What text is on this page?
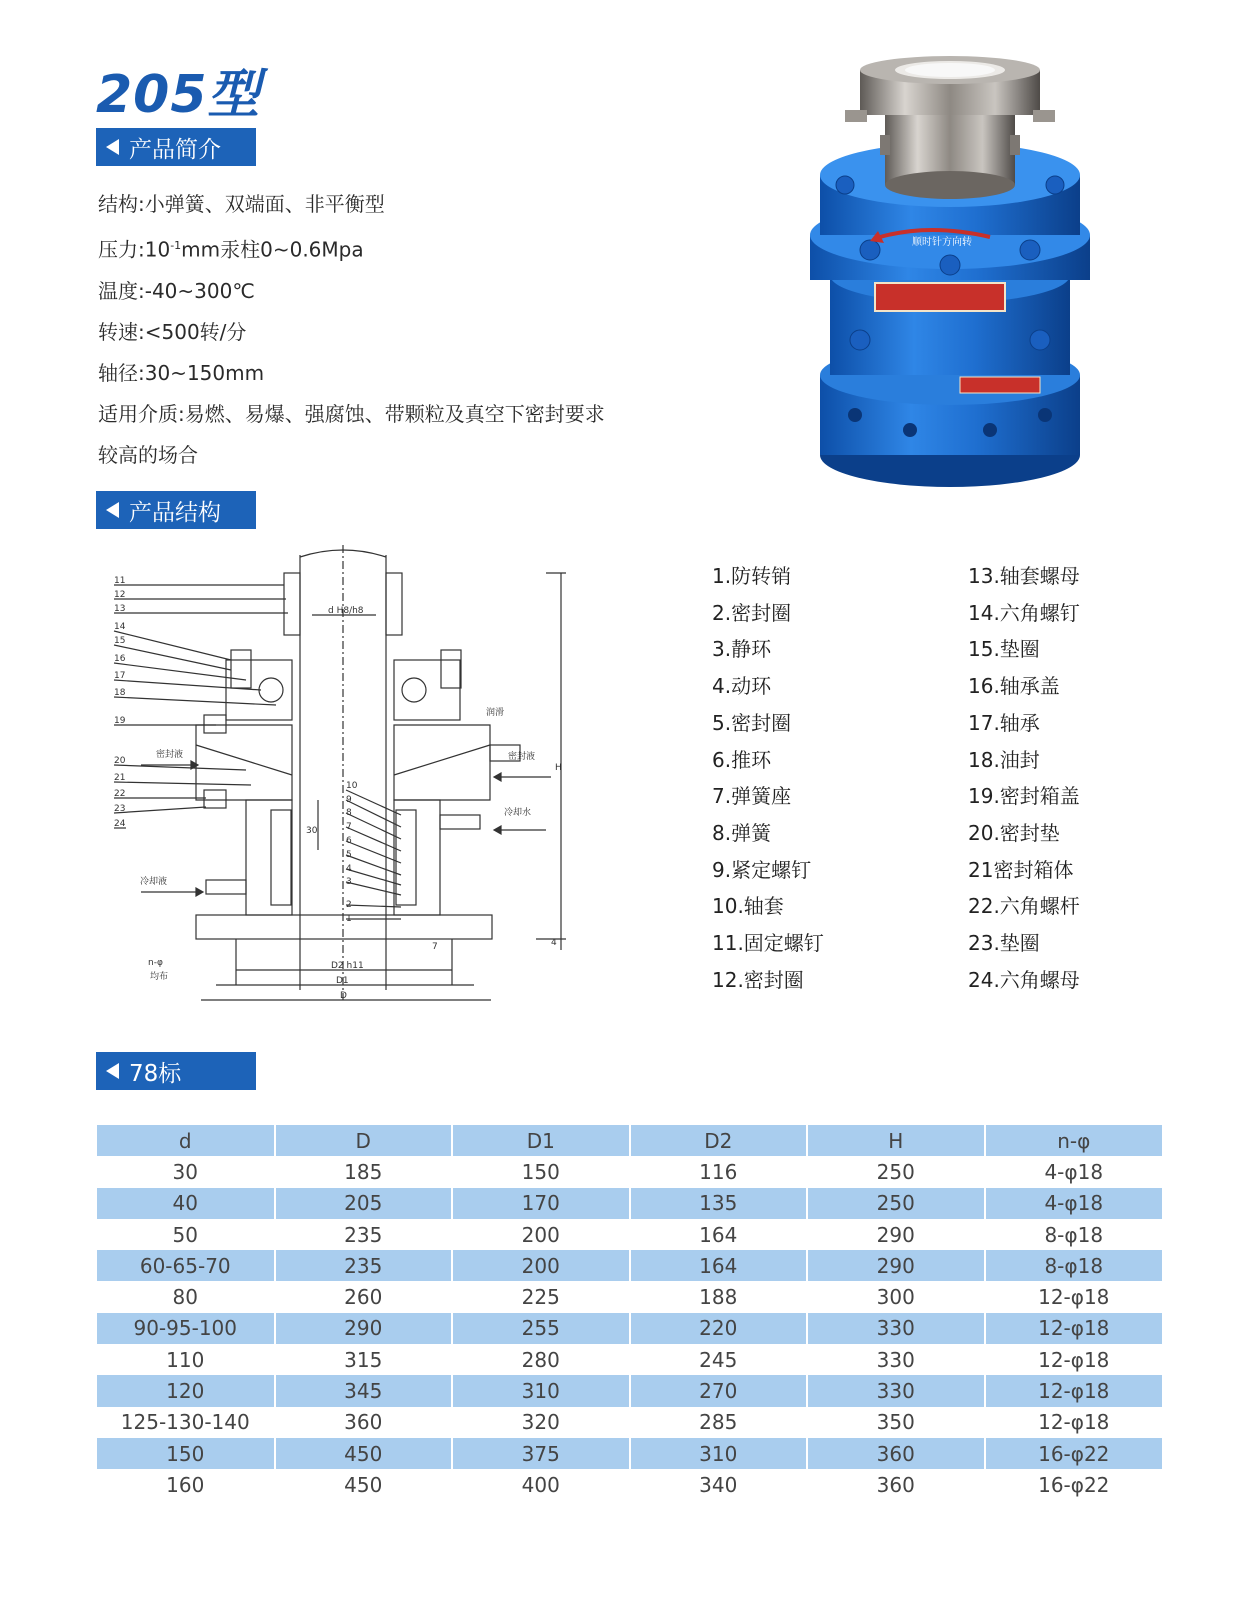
205型
产品简介
结构:小弹簧、双端面、非平衡型
压力$:10^{-1}mm$汞柱0~0.6Mpa
温度:-40~300℃
转速:<500转/分
轴径:30~150mm
适用介质:易燃、易爆、强腐蚀、带颗粒及真空下密封要求
较高的场合
顺时针方向转
产品结构
11
12
13
14
15
16
17
18
19
20
21
22
23
24
10
9
8
7
6
5
4
3
2
1
d H8/h8
30
D2 h11
D1
D
H
4
7
密封液	密封液
润滑
冷却水
冷却液
n-φ
均布
1.防转销
2.密封圈
3.静环
4.动环
5.密封圈
6.推环
7.弹簧座
8.弹簧
9.紧定螺钉
10.轴套
11.固定螺钉
12.密封圈
13.轴套螺母
14.六角螺钉
15.垫圈
16.轴承盖
17.轴承
18.油封
19.密封箱盖
20.密封垫
21密封箱体
22.六角螺杆
23.垫圈
24.六角螺母
78标
d	D	D1	D2	H	n-φ
30	185	150	116	250	4-φ18
40	205	170	135	250	4-φ18
50	235	200	164	290	8-φ18
60-65-70	235	200	164	290	8-φ18
80	260	225	188	300	12-φ18
90-95-100	290	255	220	330	12-φ18
110	315	280	245	330	12-φ18
120	345	310	270	330	12-φ18
125-130-140	360	320	285	350	12-φ18
150	450	375	310	360	16-φ22
160	450	400	340	360	16-φ22
